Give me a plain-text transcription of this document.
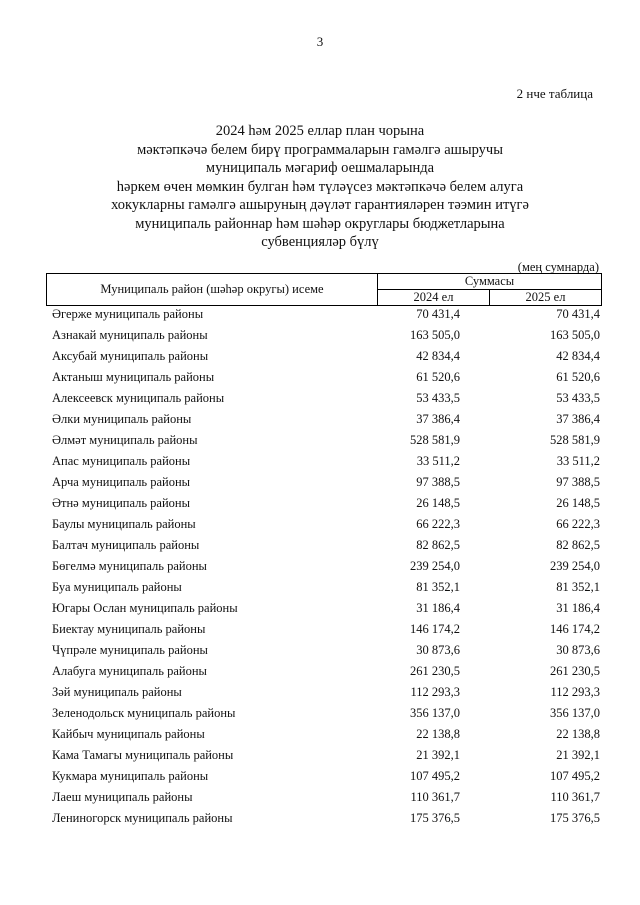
3
2 нче таблица
2024 һәм 2025 еллар план чорына
мәктәпкәчә белем бирү программаларын гамәлгә ашыручы
муниципаль мәгариф оешмаларында
һәркем өчен мөмкин булган һәм түләүсез мәктәпкәчә белем алуга
хокукларны гамәлгә ашыруның дәүләт гарантияләрен тәэмин итүгә
муниципаль районнар һәм шәһәр округлары бюджетларына
субвенцияләр бүлү
(мең сумнарда)
Муниципаль район (шәһәр округы) исеме
Суммасы
2024 ел	2025 ел
Әгерже муниципаль районы	70 431,4	70 431,4
Азнакай муниципаль районы	163 505,0	163 505,0
Аксубай муниципаль районы	42 834,4	42 834,4
Актаныш муниципаль районы	61 520,6	61 520,6
Алексеевск муниципаль районы	53 433,5	53 433,5
Әлки муниципаль районы	37 386,4	37 386,4
Әлмәт муниципаль районы	528 581,9	528 581,9
Апас муниципаль районы	33 511,2	33 511,2
Арча муниципаль районы	97 388,5	97 388,5
Әтнә муниципаль районы	26 148,5	26 148,5
Баулы муниципаль районы	66 222,3	66 222,3
Балтач муниципаль районы	82 862,5	82 862,5
Бөгелмә муниципаль районы	239 254,0	239 254,0
Буа муниципаль районы	81 352,1	81 352,1
Югары Ослан муниципаль районы	31 186,4	31 186,4
Биектау муниципаль районы	146 174,2	146 174,2
Чүпрәле муниципаль районы	30 873,6	30 873,6
Алабуга муниципаль районы	261 230,5	261 230,5
Зәй муниципаль районы	112 293,3	112 293,3
Зеленодольск муниципаль районы	356 137,0	356 137,0
Кайбыч муниципаль районы	22 138,8	22 138,8
Кама Тамагы муниципаль районы	21 392,1	21 392,1
Кукмара муниципаль районы	107 495,2	107 495,2
Лаеш муниципаль районы	110 361,7	110 361,7
Лениногорск муниципаль районы	175 376,5	175 376,5
